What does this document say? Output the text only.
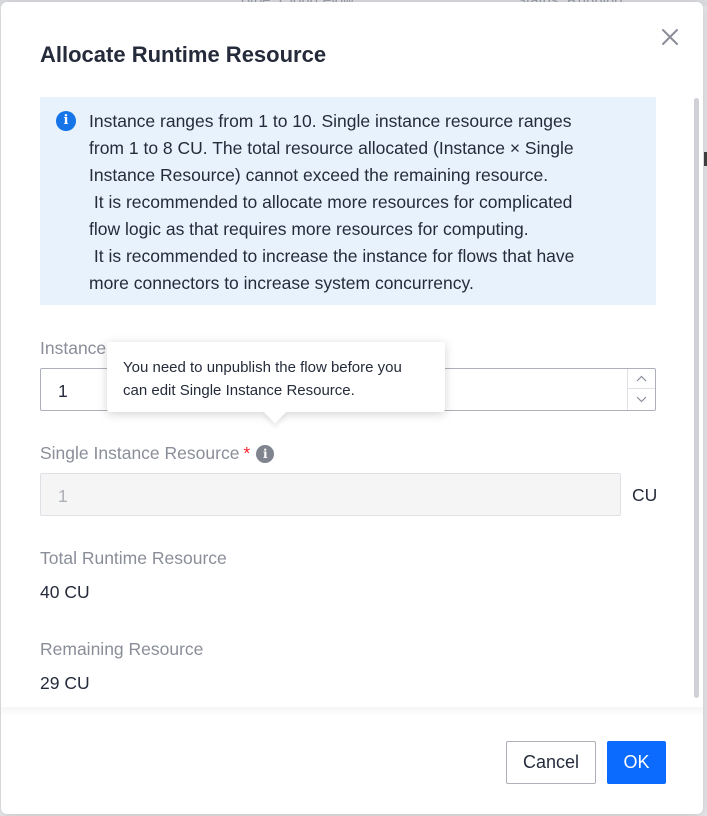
Allocate Runtime Resource
i	Instance ranges from 1 to 10. Single instance resource ranges
from 1 to 8 CU. The total resource allocated (Instance × Single
Instance Resource) cannot exceed the remaining resource.
It is recommended to allocate more resources for complicated
flow logic as that requires more resources for computing.
It is recommended to increase the instance for flows that have
more connectors to increase system concurrency.
Instance
1
Single Instance Resource * i
1	CU
Total Runtime Resource
40 CU
Remaining Resource
29 CU
You need to unpublish the flow before you
can edit Single Instance Resource.
Cancel	OK
